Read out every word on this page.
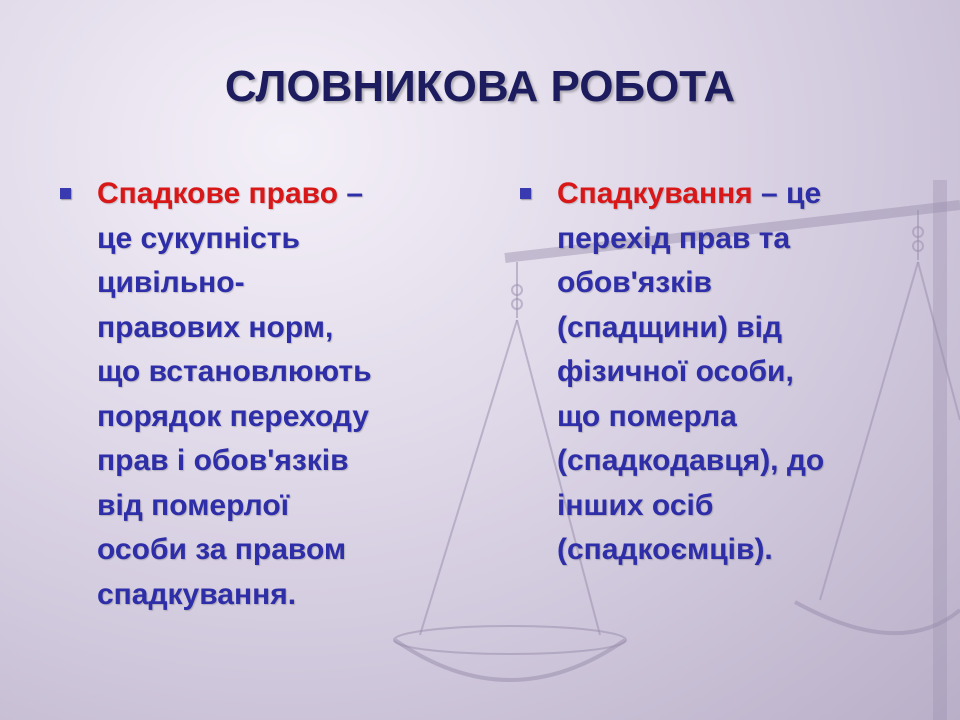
СЛОВНИКОВА РОБОТА

Спадкове право –
це сукупність
цивільно-
правових норм,
що встановлюють
порядок переходу
прав і обов'язків
від померлої
особи за правом
спадкування.

Спадкування – це
перехід прав та
обов'язків
(спадщини) від
фізичної особи,
що померла
(спадкодавця), до
інших осіб
(спадкоємців).
